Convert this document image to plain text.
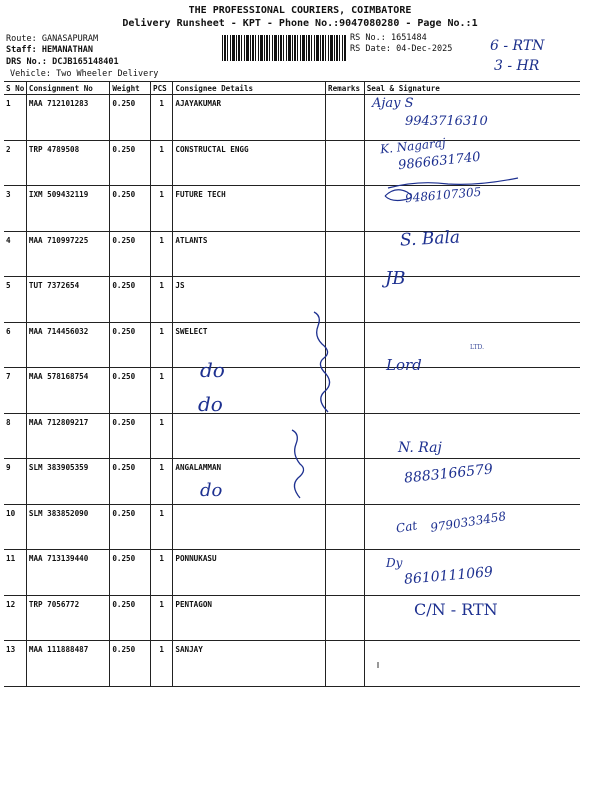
THE PROFESSIONAL COURIERS, COIMBATORE
Delivery Runsheet - KPT - Phone No.:9047080280 - Page No.:1
Route: GANASAPURAM
Staff: HEMANATHAN
DRS No.: DCJB165148401
Vehicle: Two Wheeler Delivery
RS No.: 1651484
RS Date: 04-Dec-2025	6 - RTN
3 - HR
S No	Consignment No	Weight	PCS	Consignee Details	Remarks	Seal & Signature
1	MAA 712101283	0.250	1	AJAYAKUMAR		
2	TRP 4789508	0.250	1	CONSTRUCTAL ENGG		
3	IXM 509432119	0.250	1	FUTURE TECH		
4	MAA 710997225	0.250	1	ATLANTS		
5	TUT 7372654	0.250	1	JS		
6	MAA 714456032	0.250	1	SWELECT		
7	MAA 578168754	0.250	1			
8	MAA 712809217	0.250	1			
9	SLM 383905359	0.250	1	ANGALAMMAN		
10	SLM 383852090	0.250	1			
11	MAA 713139440	0.250	1	PONNUKASU		
12	TRP 7056772	0.250	1	PENTAGON		
13	MAA 111888487	0.250	1	SANJAY		
Ajay S
9943716310
K. Nagaraj
9866631740
9486107305
S. Bala
JB
LTD.
Lord
N. Raj
8883166579
Cat 9790333458
Dy
8610111069
C/N - RTN
do
do
do
